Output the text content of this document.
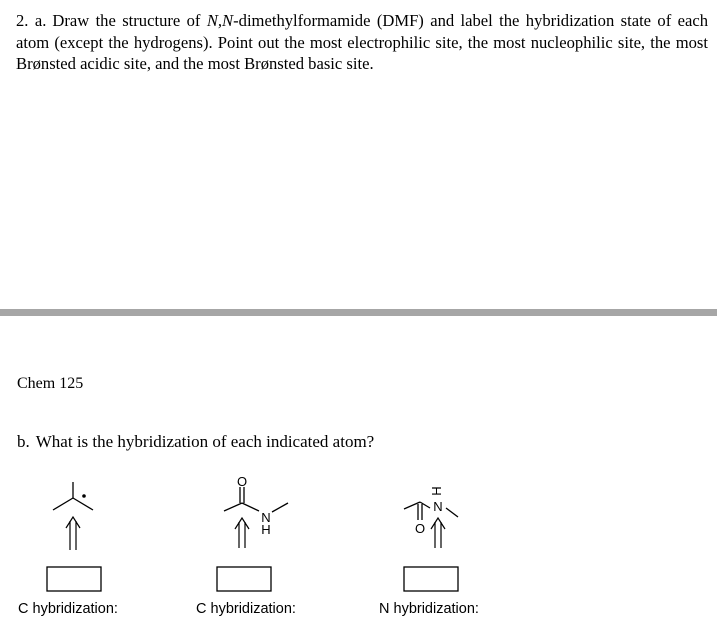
2. a. Draw the structure of N,N-dimethylformamide (DMF) and label the hybridization state of each atom (except the hydrogens). Point out the most electrophilic site, the most nucleophilic site, the most Brønsted acidic site, and the most Brønsted basic site.

Chem 125

b. What is the hybridization of each indicated atom?

O
N
H
H
N
O

C hybridization:	C hybridization:	N hybridization:
